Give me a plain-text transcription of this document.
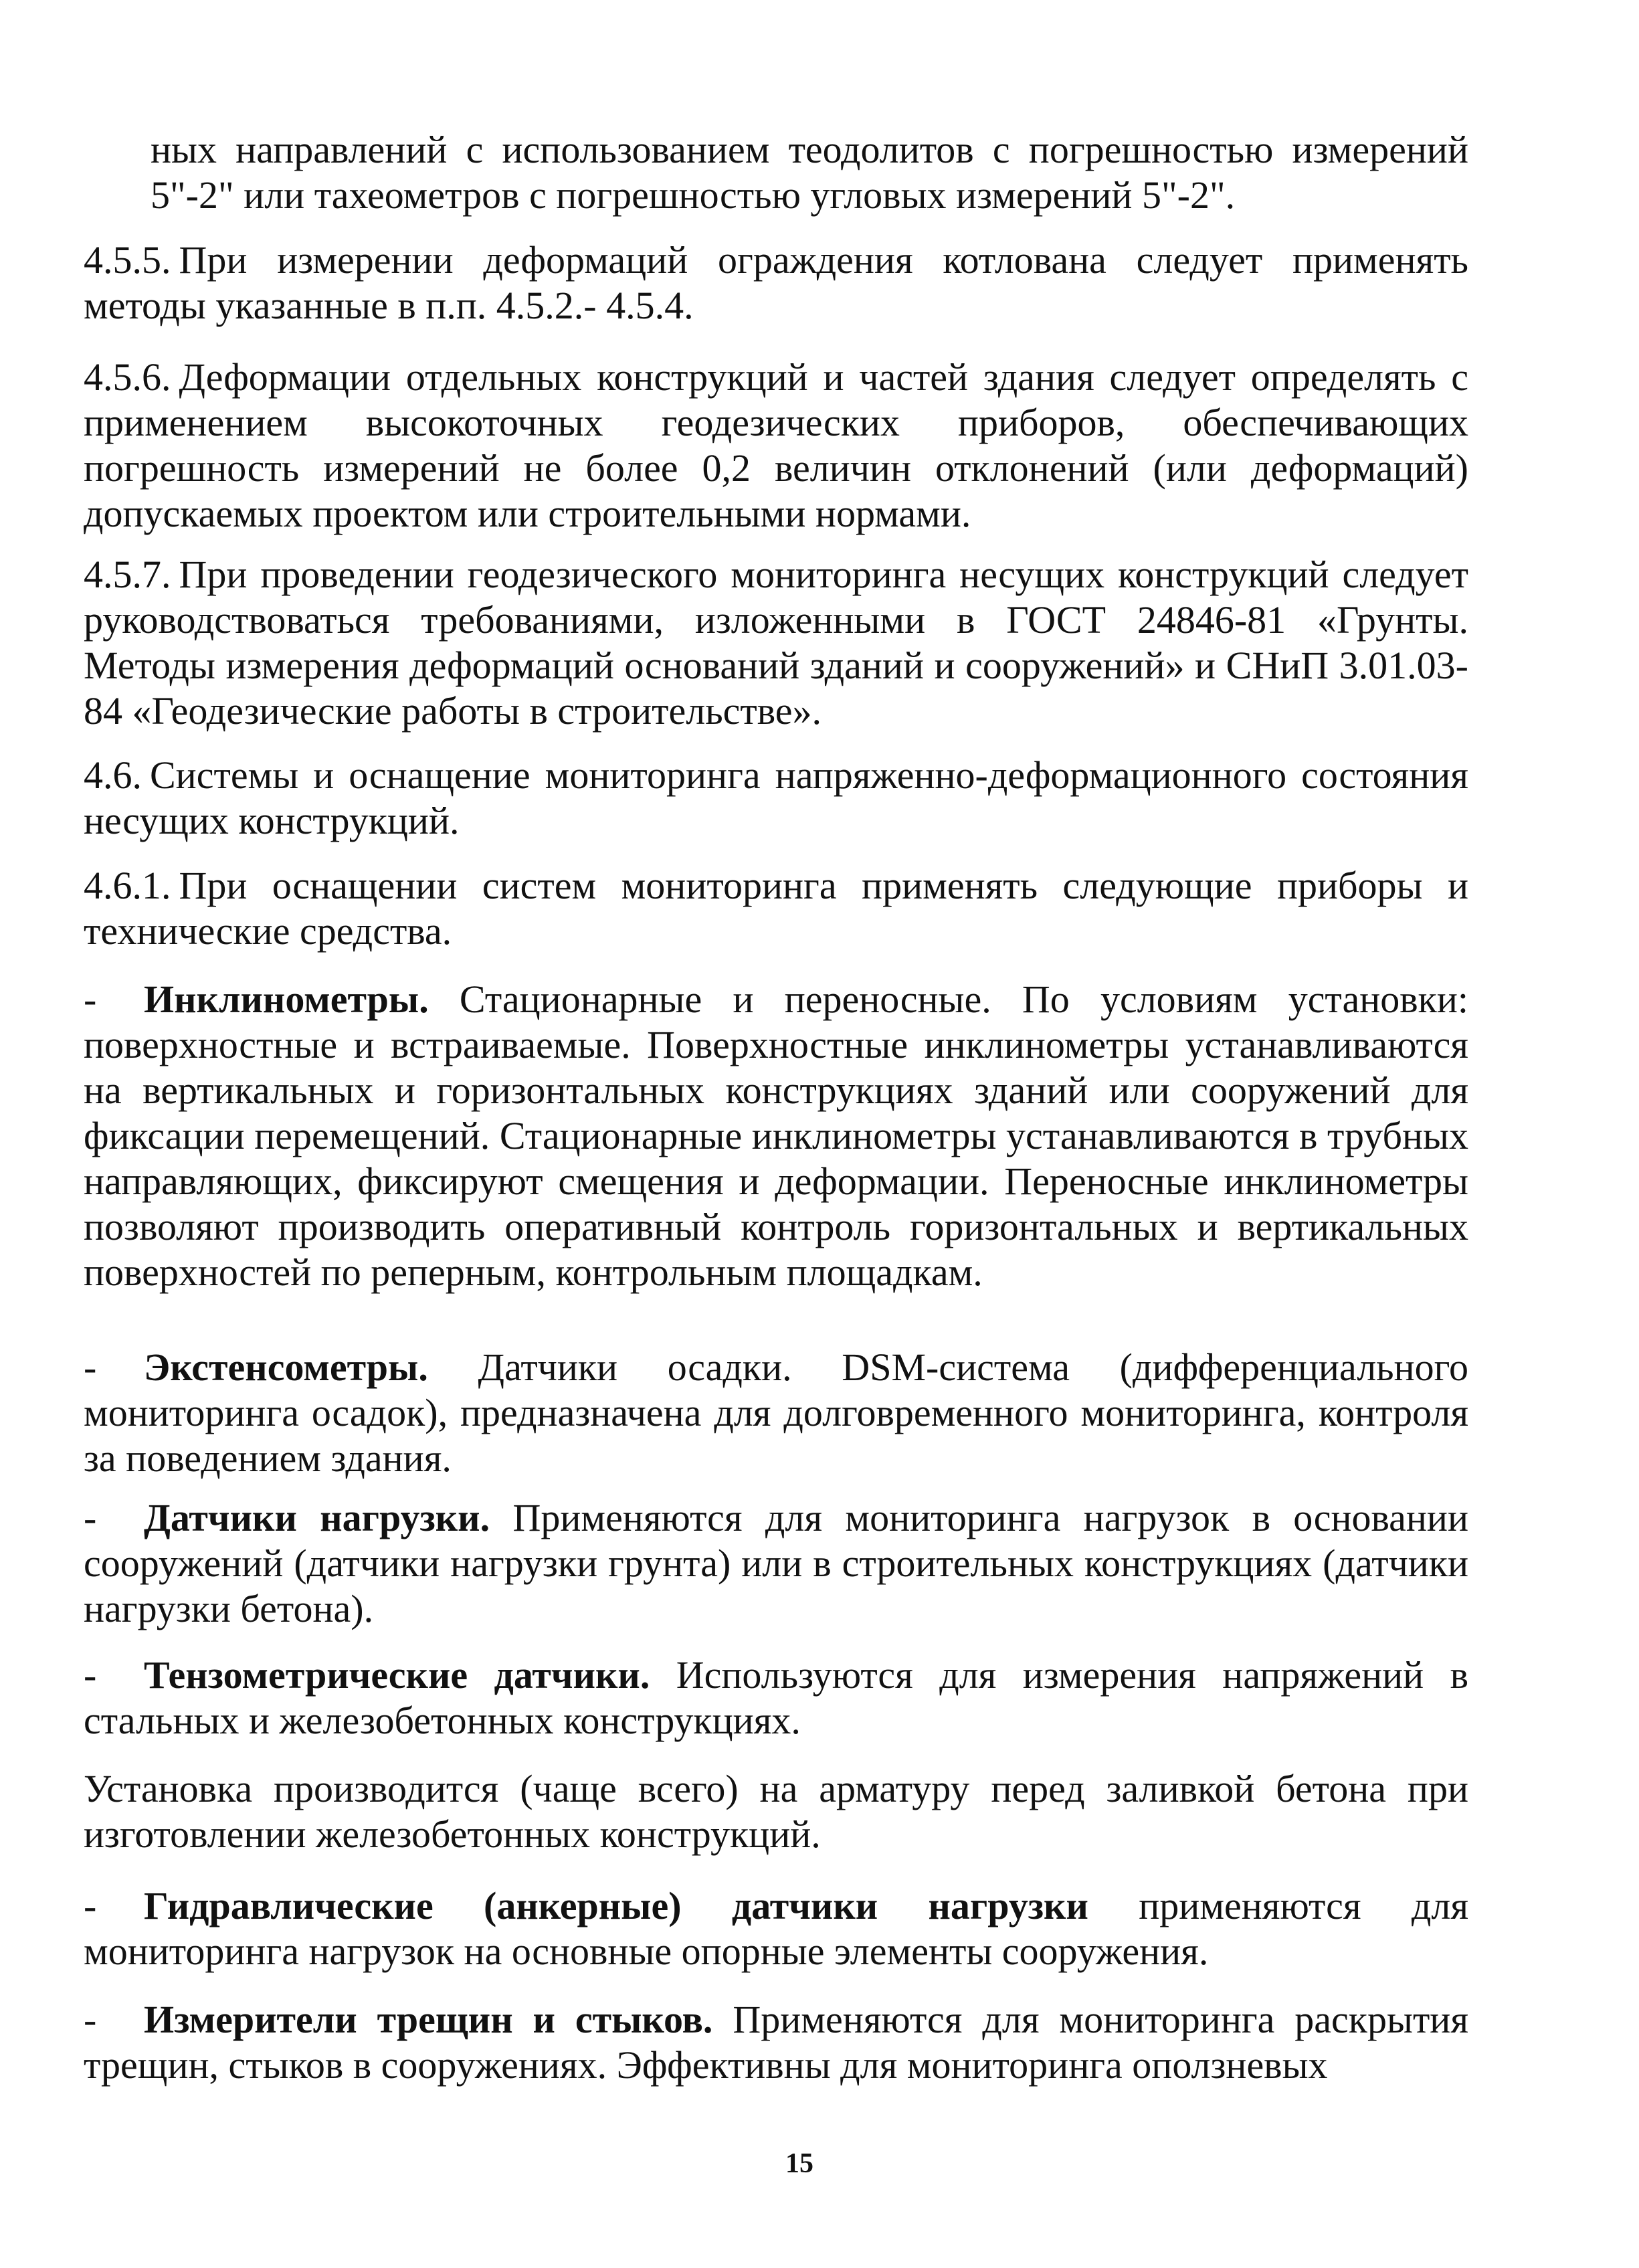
ных направлений с использованием теодолитов с погрешностью измерений 5"-2" или тахеометров с погрешностью угловых измерений 5"-2".

4.5.5. При измерении деформаций ограждения котлована следует применять методы указанные в п.п. 4.5.2.- 4.5.4.

4.5.6. Деформации отдельных конструкций и частей здания следует определять с применением высокоточных геодезических приборов, обеспечивающих погрешность измерений не более 0,2 величин отклонений (или деформаций) допускаемых проектом или строительными нормами.

4.5.7. При проведении геодезического мониторинга несущих конструкций следует руководствоваться требованиями, изложенными в ГОСТ 24846-81 «Грунты. Методы измерения деформаций оснований зданий и сооружений» и СНиП 3.01.03-84 «Геодезические работы в строительстве».

4.6. Системы и оснащение мониторинга напряженно-деформационного состояния несущих конструкций.

4.6.1. При оснащении систем мониторинга применять следующие приборы и технические средства.

- Инклинометры. Стационарные и переносные. По условиям установки: поверхностные и встраиваемые. Поверхностные инклинометры устанавливаются на вертикальных и горизонтальных конструкциях зданий или сооружений для фиксации перемещений. Стационарные инклинометры устанавливаются в трубных направляющих, фиксируют смещения и деформации. Переносные инклинометры позволяют производить оперативный контроль горизонтальных и вертикальных поверхностей по реперным, контрольным площадкам.

- Экстенсометры. Датчики осадки. DSM-система (дифференциального мониторинга осадок), предназначена для долговременного мониторинга, контроля за поведением здания.

- Датчики нагрузки. Применяются для мониторинга нагрузок в основании сооружений (датчики нагрузки грунта) или в строительных конструкциях (датчики нагрузки бетона).

- Тензометрические датчики. Используются для измерения напряжений в стальных и железобетонных конструкциях.

Установка производится (чаще всего) на арматуру перед заливкой бетона при изготовлении железобетонных конструкций.

- Гидравлические (анкерные) датчики нагрузки применяются для мониторинга нагрузок на основные опорные элементы сооружения.

- Измерители трещин и стыков. Применяются для мониторинга раскрытия трещин, стыков в сооружениях. Эффективны для мониторинга оползневых

15
